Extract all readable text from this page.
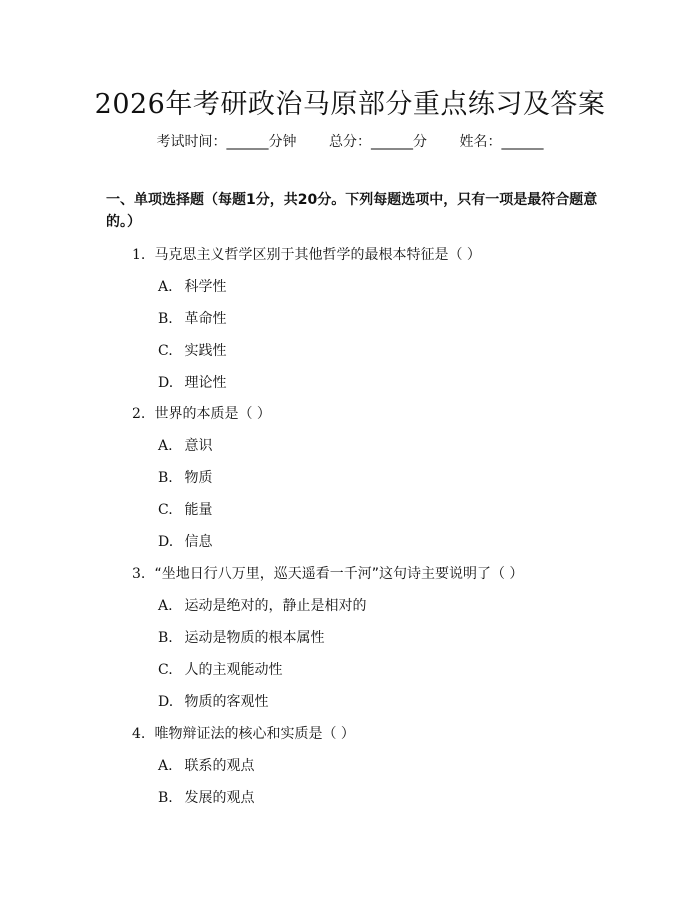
2026年考研政治马原部分重点练习及答案
考试时间：______分钟 总分：______分 姓名：______
一、单项选择题（每题1分，共20分。下列每题选项中，只有一项是最符合题意的。）
1. 马克思主义哲学区别于其他哲学的最根本特征是（ ）
A. 科学性
B. 革命性
C. 实践性
D. 理论性
2. 世界的本质是（ ）
A. 意识
B. 物质
C. 能量
D. 信息
3. “坐地日行八万里，巡天遥看一千河”这句诗主要说明了（ ）
A. 运动是绝对的，静止是相对的
B. 运动是物质的根本属性
C. 人的主观能动性
D. 物质的客观性
4. 唯物辩证法的核心和实质是（ ）
A. 联系的观点
B. 发展的观点
